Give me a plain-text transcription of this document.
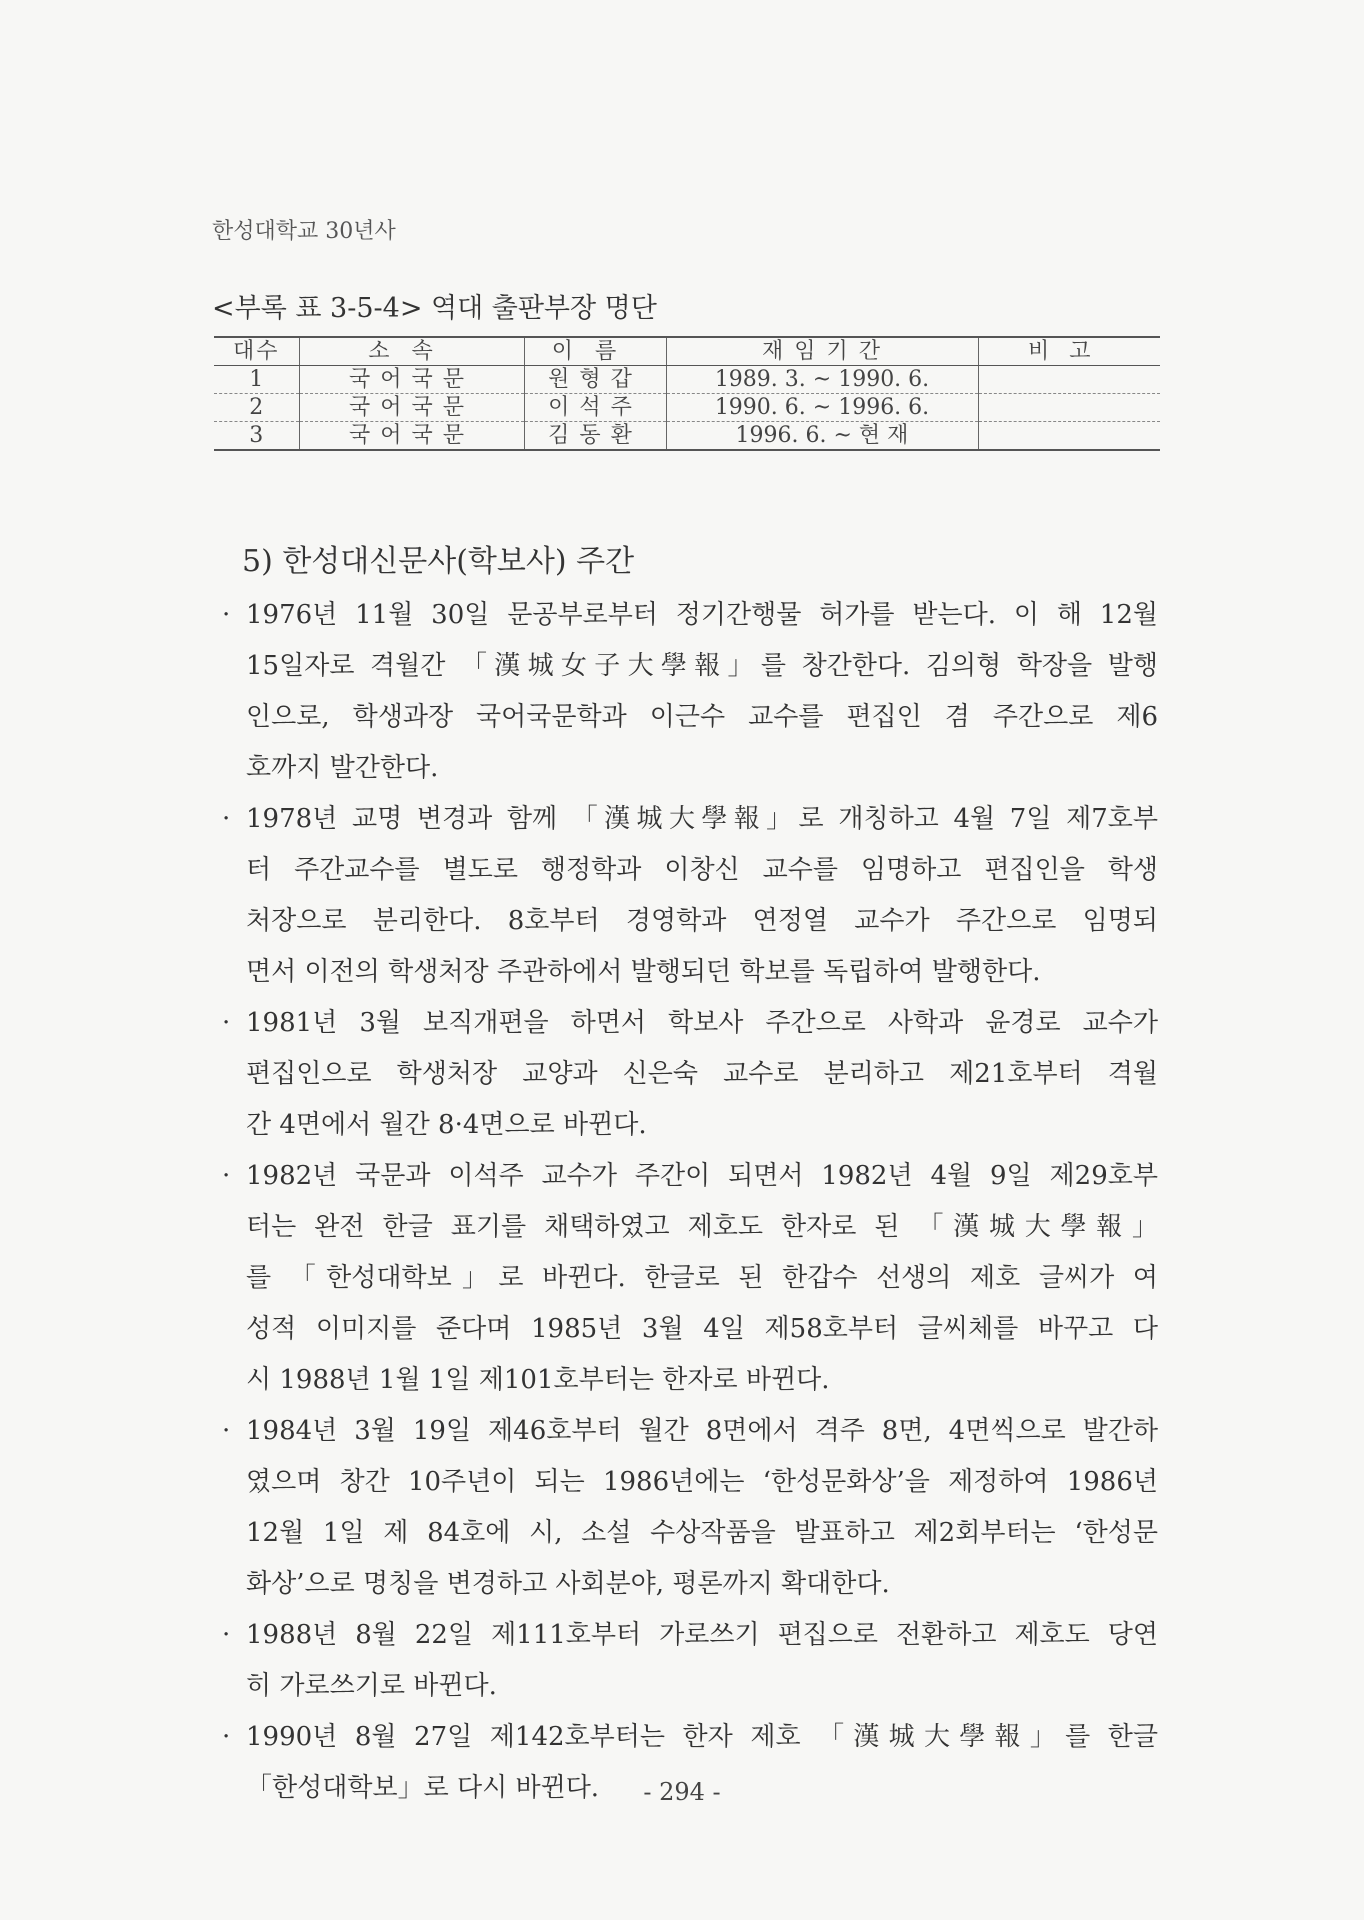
한성대학교 30년사
<부록 표 3-5-4> 역대 출판부장 명단
대수	소속	이름	재 임 기 간	비고
1	국어국문	원형갑	1989. 3. ~ 1990. 6.	
2	국어국문	이석주	1990. 6. ~ 1996. 6.	
3	국어국문	김동환	1996. 6. ~ 현 재	
5) 한성대신문사(학보사) 주간
· 1976년 11월 30일 문공부로부터 정기간행물 허가를 받는다. 이 해 12월
15일자로 격월간 「漢城女子大學報」를 창간한다. 김의형 학장을 발행
인으로, 학생과장 국어국문학과 이근수 교수를 편집인 겸 주간으로 제6
호까지 발간한다.
· 1978년 교명 변경과 함께 「漢城大學報」로 개칭하고 4월 7일 제7호부
터 주간교수를 별도로 행정학과 이창신 교수를 임명하고 편집인을 학생
처장으로 분리한다. 8호부터 경영학과 연정열 교수가 주간으로 임명되
면서 이전의 학생처장 주관하에서 발행되던 학보를 독립하여 발행한다.
· 1981년 3월 보직개편을 하면서 학보사 주간으로 사학과 윤경로 교수가
편집인으로 학생처장 교양과 신은숙 교수로 분리하고 제21호부터 격월
간 4면에서 월간 8·4면으로 바뀐다.
· 1982년 국문과 이석주 교수가 주간이 되면서 1982년 4월 9일 제29호부
터는 완전 한글 표기를 채택하였고 제호도 한자로 된 「漢城大學報」
를 「한성대학보」로 바뀐다. 한글로 된 한갑수 선생의 제호 글씨가 여
성적 이미지를 준다며 1985년 3월 4일 제58호부터 글씨체를 바꾸고 다
시 1988년 1월 1일 제101호부터는 한자로 바뀐다.
· 1984년 3월 19일 제46호부터 월간 8면에서 격주 8면, 4면씩으로 발간하
였으며 창간 10주년이 되는 1986년에는 ‘한성문화상’을 제정하여 1986년
12월 1일 제 84호에 시, 소설 수상작품을 발표하고 제2회부터는 ‘한성문
화상’으로 명칭을 변경하고 사회분야, 평론까지 확대한다.
· 1988년 8월 22일 제111호부터 가로쓰기 편집으로 전환하고 제호도 당연
히 가로쓰기로 바뀐다.
· 1990년 8월 27일 제142호부터는 한자 제호 「漢城大學報」를 한글
「한성대학보」로 다시 바뀐다.	- 294 -
